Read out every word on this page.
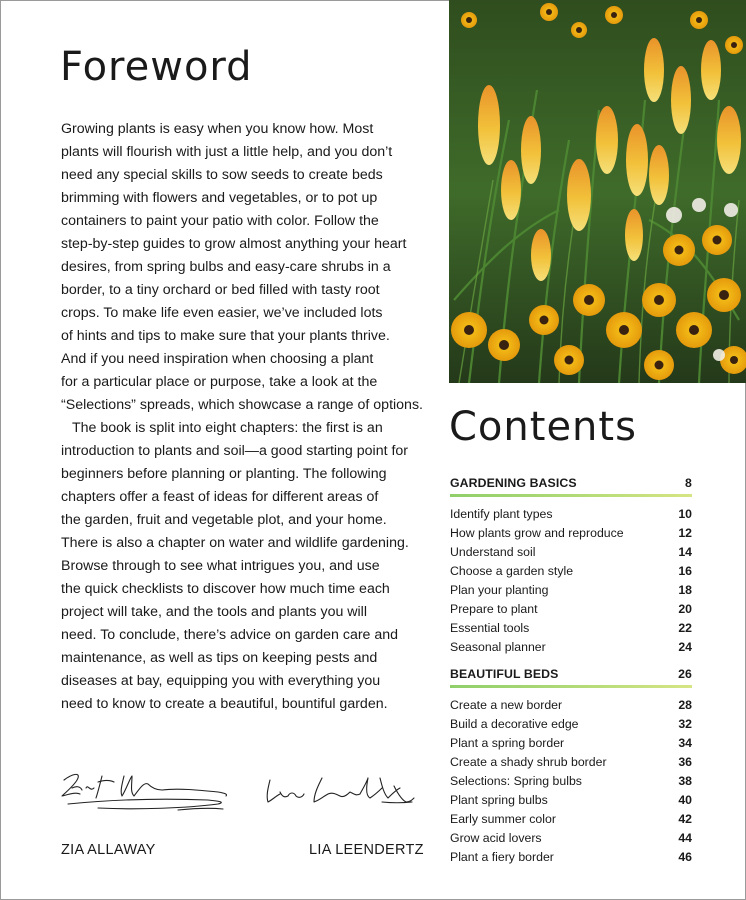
Foreword

Growing plants is easy when you know how. Most

plants will flourish with just a little help, and you don’t

need any special skills to sow seeds to create beds

brimming with flowers and vegetables, or to pot up

containers to paint your patio with color. Follow the

step-by-step guides to grow almost anything your heart

desires, from spring bulbs and easy-care shrubs in a

border, to a tiny orchard or bed filled with tasty root

crops. To make life even easier, we’ve included lots

of hints and tips to make sure that your plants thrive.

And if you need inspiration when choosing a plant

for a particular place or purpose, take a look at the

“Selections” spreads, which showcase a range of options.

The book is split into eight chapters: the first is an

introduction to plants and soil—a good starting point for

beginners before planning or planting. The following

chapters offer a feast of ideas for different areas of

the garden, fruit and vegetable plot, and your home.

There is also a chapter on water and wildlife gardening.

Browse through to see what intrigues you, and use

the quick checklists to discover how much time each

project will take, and the tools and plants you will

need. To conclude, there’s advice on garden care and

maintenance, as well as tips on keeping pests and

diseases at bay, equipping you with everything you

need to know to create a beautiful, bountiful garden.

ZIA ALLAWAY	LIA LEENDERTZ

Contents
GARDENING BASICS	8
Identify plant types	10
How plants grow and reproduce	12
Understand soil	14
Choose a garden style	16
Plan your planting	18
Prepare to plant	20
Essential tools	22
Seasonal planner	24
BEAUTIFUL BEDS	26
Create a new border	28
Build a decorative edge	32
Plant a spring border	34
Create a shady shrub border	36
Selections: Spring bulbs	38
Plant spring bulbs	40
Early summer color	42
Grow acid lovers	44
Plant a fiery border	46
